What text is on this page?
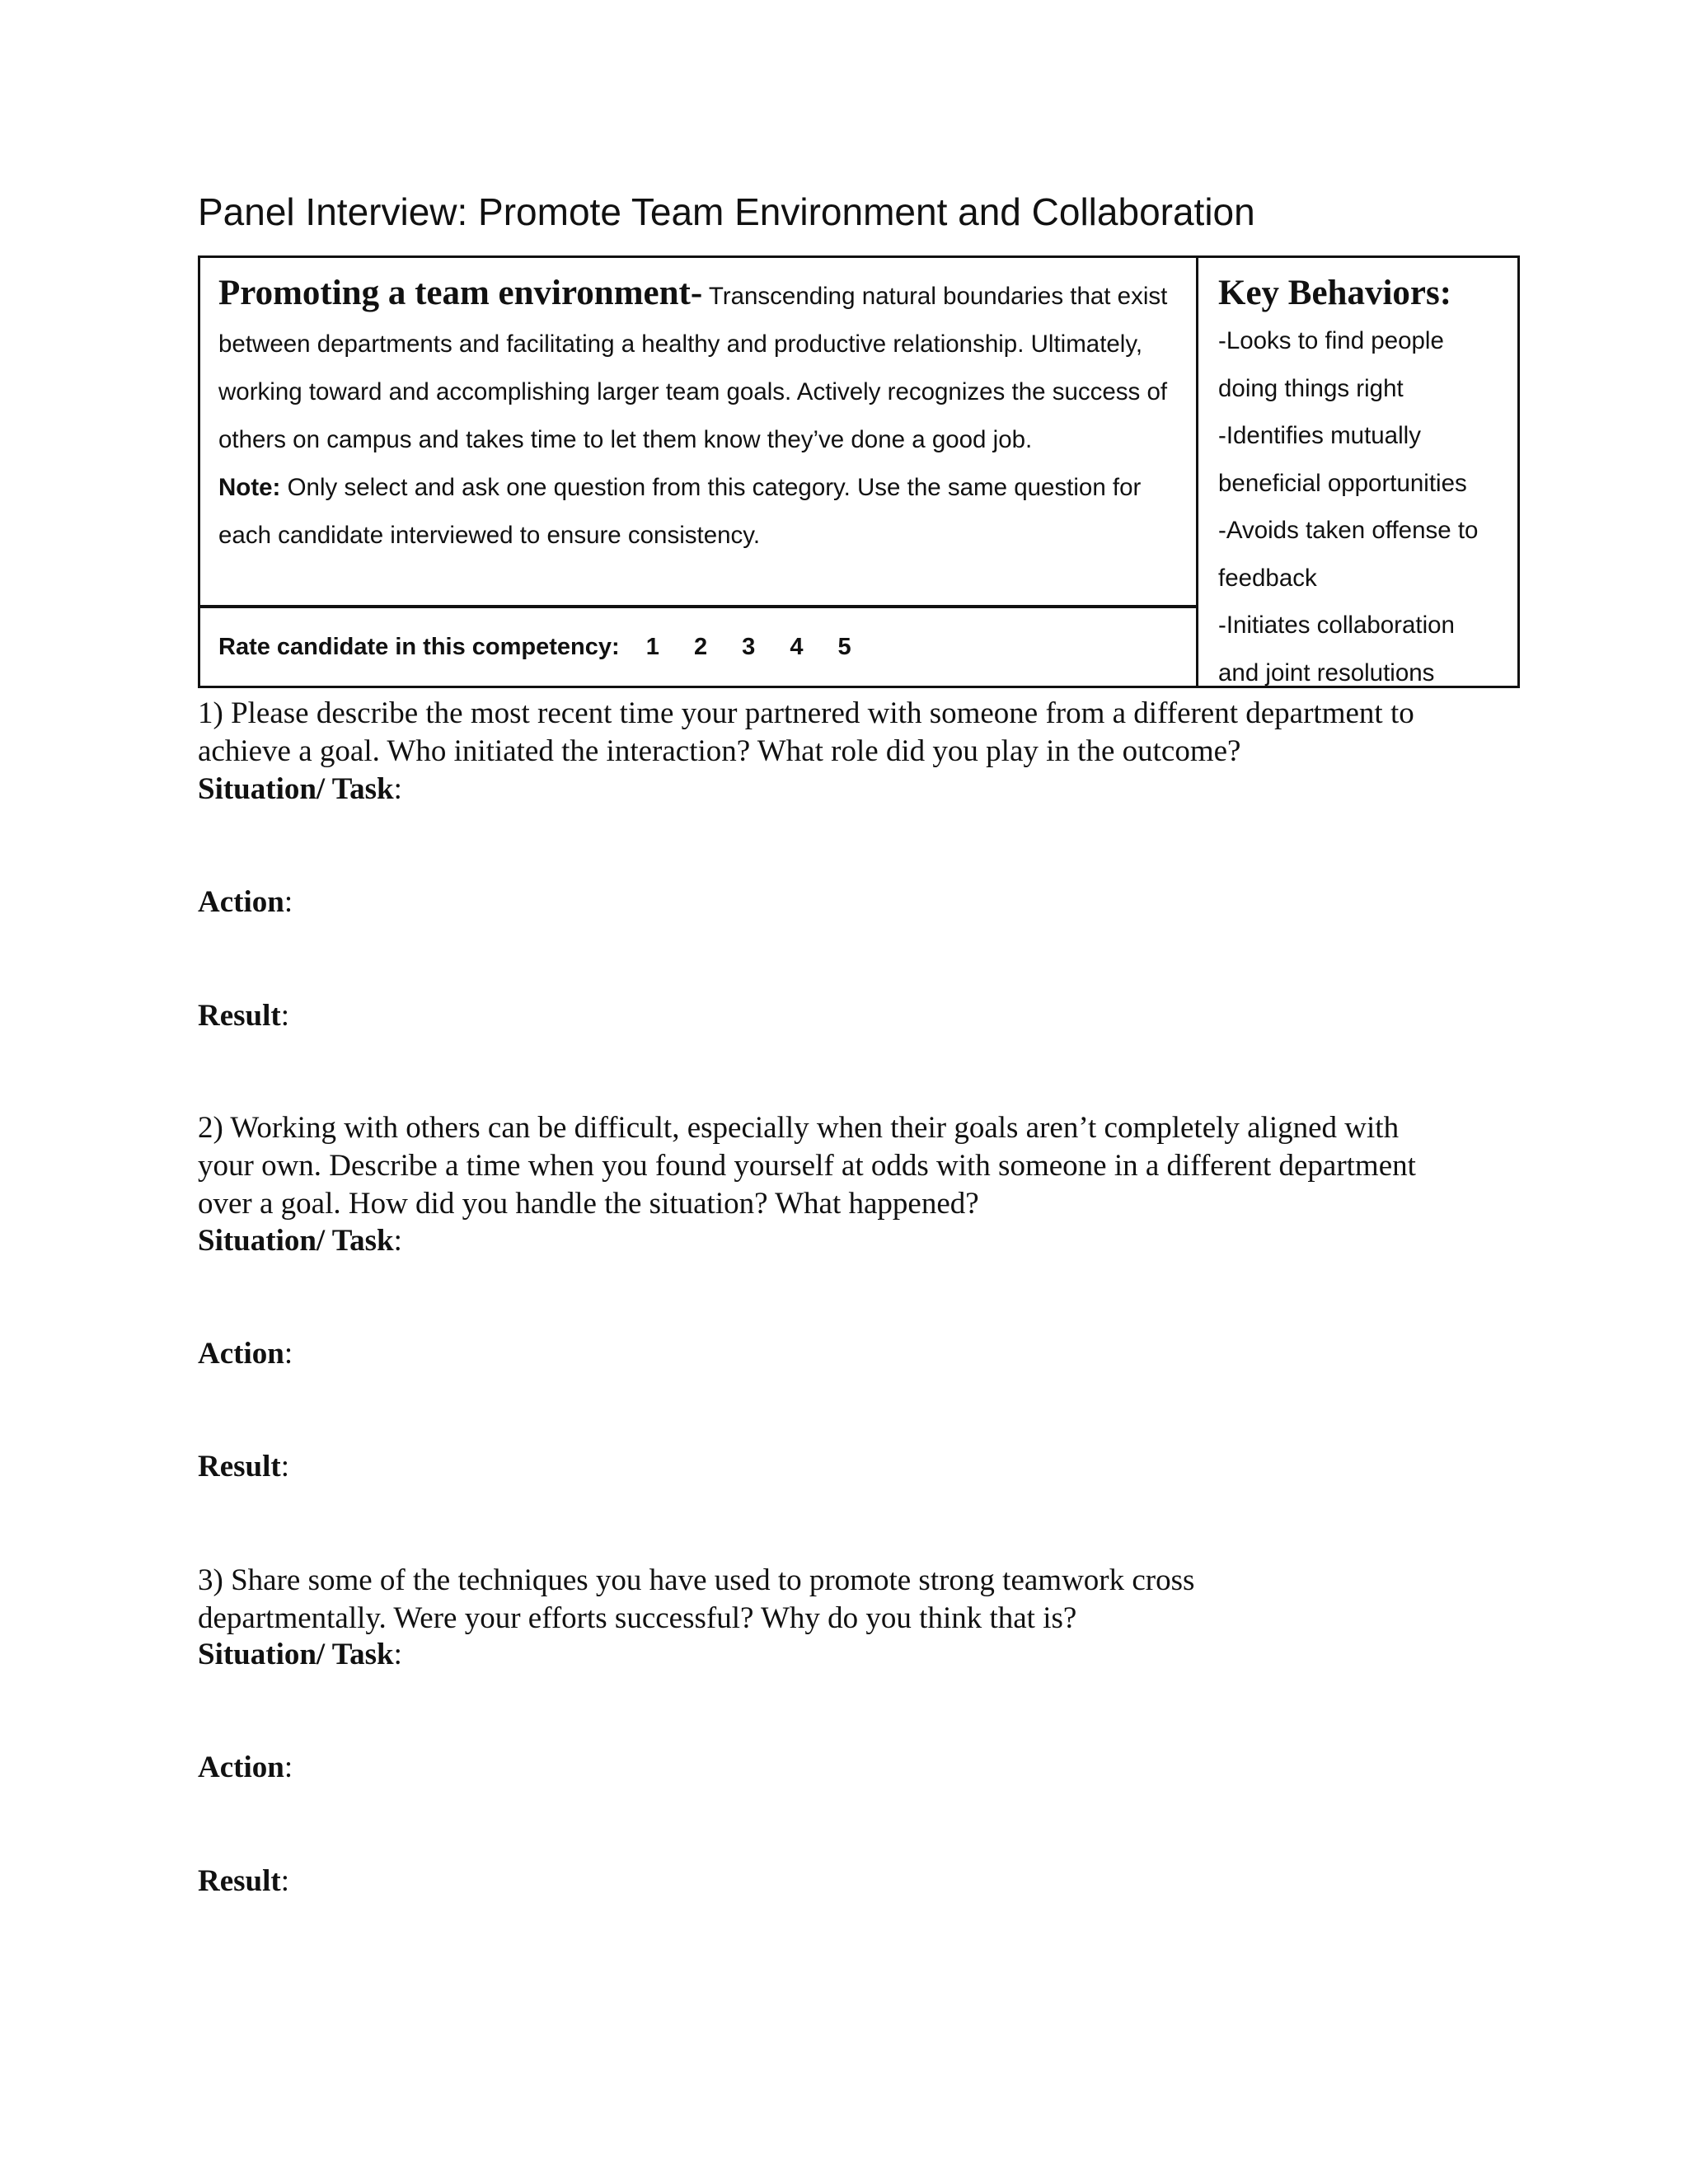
Panel Interview: Promote Team Environment and Collaboration

Promoting a team environment- Transcending natural boundaries that exist between departments and facilitating a healthy and productive relationship. Ultimately, working toward and accomplishing larger team goals. Actively recognizes the success of others on campus and takes time to let them know they’ve done a good job.

Note: Only select and ask one question from this category. Use the same question for each candidate interviewed to ensure consistency.

Rate candidate in this competency: 1 2 3 4 5

Key Behaviors:

-Looks to find people doing things right
-Identifies mutually beneficial opportunities
-Avoids taken offense to feedback
-Initiates collaboration and joint resolutions

1) Please describe the most recent time your partnered with someone from a different department to achieve a goal. Who initiated the interaction? What role did you play in the outcome?

Situation/ Task:

Action:

Result:

2) Working with others can be difficult, especially when their goals aren’t completely aligned with your own. Describe a time when you found yourself at odds with someone in a different department over a goal. How did you handle the situation? What happened?

Situation/ Task:

Action:

Result:

3) Share some of the techniques you have used to promote strong teamwork cross departmentally. Were your efforts successful? Why do you think that is?

Situation/ Task:

Action:

Result:
